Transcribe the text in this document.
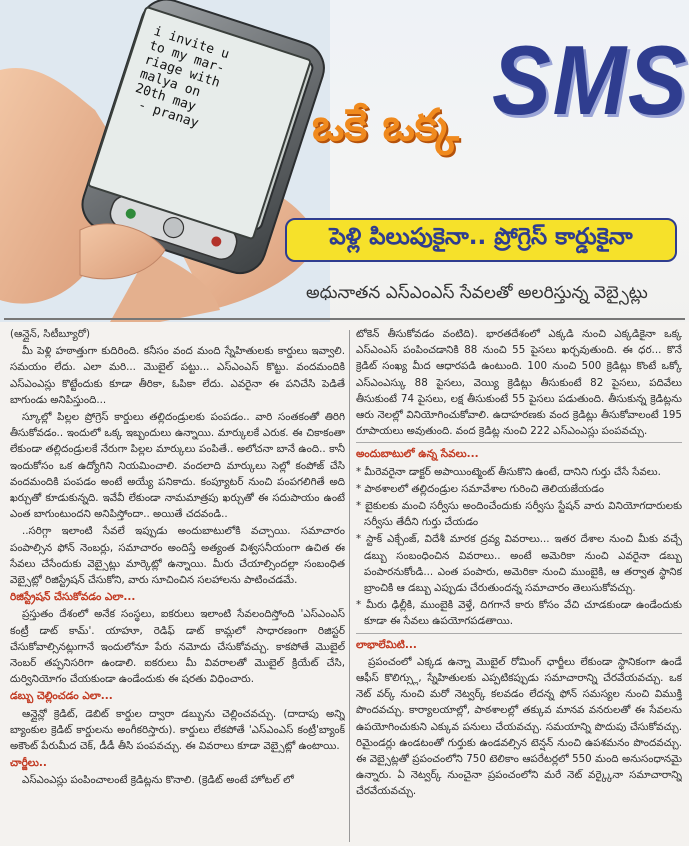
i invite u
to my mar-
riage with
malya on
20th may
- pranay	ఒకే ఒక్క SMS
పెళ్లి పిలుపుకైనా.. ప్రోగ్రెస్ కార్డుకైనా
అధునాతన ఎస్ఎంఎస్ సేవలతో అలరిస్తున్న వెబ్సైట్లు

(ఆన్లైన్, సిటీబ్యూరో)

మీ పెళ్లి హఠాత్తుగా కుదిరింది. కనీసం వంద మంది స్నేహితులకు కార్డులు ఇవ్వాలి. సమయం లేదు. ఎలా మరి... మొబైల్ పట్టు... ఎస్ఎంఎస్ కొట్టు. వందమందికి ఎస్ఎంఎస్లు కొట్టేందుకు కూడా తీరికా, ఓపికా లేదు. ఎవరైనా ఈ పనిచేసి పెడితే బాగుండు అనిపిస్తుంది...

స్కూల్లో పిల్లల ప్రోగ్రెస్ కార్డులు తల్లిదండ్రులకు పంపడం.. వారి సంతకంతో తిరిగి తీసుకోవడం.. ఇందులో ఒక్క ఇబ్బందులు ఉన్నాయి. మార్కులకే ఎరుక. ఈ చికాకంతా లేకుండా తల్లిదండ్రులకే నేరుగా పిల్లల మార్కులు పంపితే.. అలోచనా బానే ఉంది.. కానీ ఇందుకోసం ఒక ఉద్యోగిని నియమించాలి. వందలాది మార్కులు సెల్లో కంపోజ్ చేసి వందమందికి పంపడం అంటే అయ్యే పనికాదు. కంప్యూటర్ నుంచి పంపగలిగితే అది ఖర్చుతో కూడుకున్నది. ఇవేవీ లేకుండా నామమాత్రపు ఖర్చుతో ఈ సదుపాయం ఉంటే ఎంత బాగుంటుందని అనిపిస్తోందా.. అయితే చదవండి..

..సరిగ్గా ఇలాంటి సేవలే ఇప్పుడు అందుబాటులోకి వచ్చాయి. సమాచారం పంపాల్సిన ఫోన్ నెంబర్లు, సమాచారం అందిస్తే అత్యంత విశ్వసనీయంగా ఉచిత ఈ సేవలు చేసేందుకు వెబ్సైట్లు మార్కెట్లో ఉన్నాయి. మీరు చేయాల్సిందల్లా సంబంధిత వెబ్సైట్లో రిజిస్ట్రేషన్ చేసుకోని, వారు సూచించిన సలహాలను పాటించడమే.

రిజిస్ట్రేషన్ చేసుకోవడం ఎలా...

ప్రస్తుతం దేశంలో అనేక సంస్థలు, ఐకరులు ఇలాంటి సేవలందిస్తోంది 'ఎస్ఎంఎస్ కంట్రీ డాట్ కామ్'. యాహూ, రెడిఫ్ డాట్ కామ్లలో సాధారణంగా రిజిస్టర్ చేసుకోవాల్సినట్లుగానే ఇందులోనూ పేరు నమోదు చేసుకోవచ్చు. కాకపోతే మొబైల్ నెంబర్ తప్పనిసరిగా ఉండాలి. ఐకరులు మీ వివరాలతో మొబైల్ క్రియేట్ చేసి, దుర్వినియోగం చేయకుండా ఉండేందుకు ఈ షరతు విధించారు.

డబ్బు చెల్లించడం ఎలా...

ఆన్లైన్లో క్రెడిట్, డెబిట్ కార్డుల ద్వారా డబ్బును చెల్లించవచ్చు. (దాదాపు అన్ని బ్యాంకుల క్రెడిట్ కార్డులను అంగీకరిస్తారు). కార్డులు లేకపోతే 'ఎస్ఎంఎస్ కంట్రీ'బ్యాంక్ అకౌంట్ పేరుమీద చెక్, డీడీ తీసి పంపవచ్చు. ఈ వివరాలు కూడా వెబ్సైట్లో ఉంటాయి.

చార్జీలు..

ఎస్ఎంఎస్లు పంపించాలంటే క్రెడిట్లను కొనాలి. (క్రెడిట్ అంటే హోటల్ లో

టోకెన్ తీసుకోవడం వంటిది). భారతదేశంలో ఎక్కడి నుంచి ఎక్కడికైనా ఒక్క ఎస్ఎంఎస్ పంపించడానికి 88 నుంచి 55 పైసలు ఖర్చవుతుంది. ఈ ధర... కొనే క్రెడిట్ సంఖ్య మీద ఆధారపడి ఉంటుంది. 100 నుంచి 500 క్రెడిట్లు కొంటే ఒక్కో ఎస్ఎంఎస్కు 88 పైసలు, వెయ్యి క్రెడిట్లు తీసుకుంటే 82 పైసలు, పదివేలు తీసుకుంటే 74 పైసలు, లక్ష తీసుకుంటే 55 పైసలు పడుతుంది. తీసుకున్న క్రెడిట్లను ఆరు నెలల్లో వినియోగించుకోవాలి. ఉదాహరణకు వంద క్రెడిట్లు తీసుకోవాలంటే 195 రూపాయలు అవుతుంది. వంద క్రెడిట్ల నుంచి 222 ఎస్ఎంఎస్లు పంపవచ్చు.

అందుబాటులో ఉన్న సేవలు...

* మీరెవరైనా డాక్టర్ అపాయింట్మెంట్ తీసుకొని ఉంటే, దానిని గుర్తు చేసే సేవలు.

* పాఠశాలలో తల్లిదండ్రుల సమావేశాల గురించి తెలియజేయడం

* బైకులకు మంచి సర్వీసు అందించేందుకు సర్వీసు స్టేషన్ వారు వినియోగదారులకు సర్వీసు తేదీని గుర్తు చేయడం

* స్టాక్ ఎక్చేంజ్, విదేశీ మారక ద్రవ్య వివరాలు... ఇతర దేశాల నుంచి మీకు వచ్చే డబ్బు సంబంధించిన వివరాలు.. అంటే అమెరికా నుంచి ఎవరైనా డబ్బు పంపారనుకోండి... ఎంత పంపారు, అమెరికా నుంచి ముంబైకి, ఆ తర్వాత స్థానిక బ్రాంచికి ఆ డబ్బు ఎప్పుడు చేరుతుందన్న సమాచారం తెలుసుకోవచ్చు.

* మీరు ఢిల్లీకి, ముంబైకి వెళ్తే, దిగగానే కారు కోసం వేచి చూడకుండా ఉండేందుకు కూడా ఈ సేవలు ఉపయోగపడతాయి.

లాభాలేమిటి...

ప్రపంచంలో ఎక్కడ ఉన్నా మొబైల్ రోమింగ్ ఛార్జీలు లేకుండా స్థానికంగా ఉండే ఆఫీస్ కొలిగ్స్లు, స్నేహితులకు ఎప్పటికప్పుడు సమాచారాన్ని చేరవేయవచ్చు. ఒక నెట్ వర్క్ నుంచి మరో నెట్వర్క్ కలవడం లేదన్న ఫోన్ సమస్యల నుంచి విముక్తి పొందవచ్చు. కార్యాలయాల్లో, పాఠశాలల్లో తక్కువ మానవ వనరులతో ఈ సేవలను ఉపయోగించుకుని ఎక్కువ పనులు చేయవచ్చు. సమయాన్ని పొదుపు చేసుకోవచ్చు. రిమైండర్లు ఉండటంతో గుర్తుకు ఉండవల్సిన టెన్షన్ నుంచి ఉపశమనం పొందవచ్చు. ఈ వెబ్సైట్లతో ప్రపంచంలోని 750 టెలికాం ఆపరేటర్లలో 550 మంది అనుసంధానమై ఉన్నారు. ఏ నెట్వర్క్ నుంచైనా ప్రపంచంలోని మరే నెట్ వర్క్కైనా సమాచారాన్ని చేరవేయవచ్చు.
